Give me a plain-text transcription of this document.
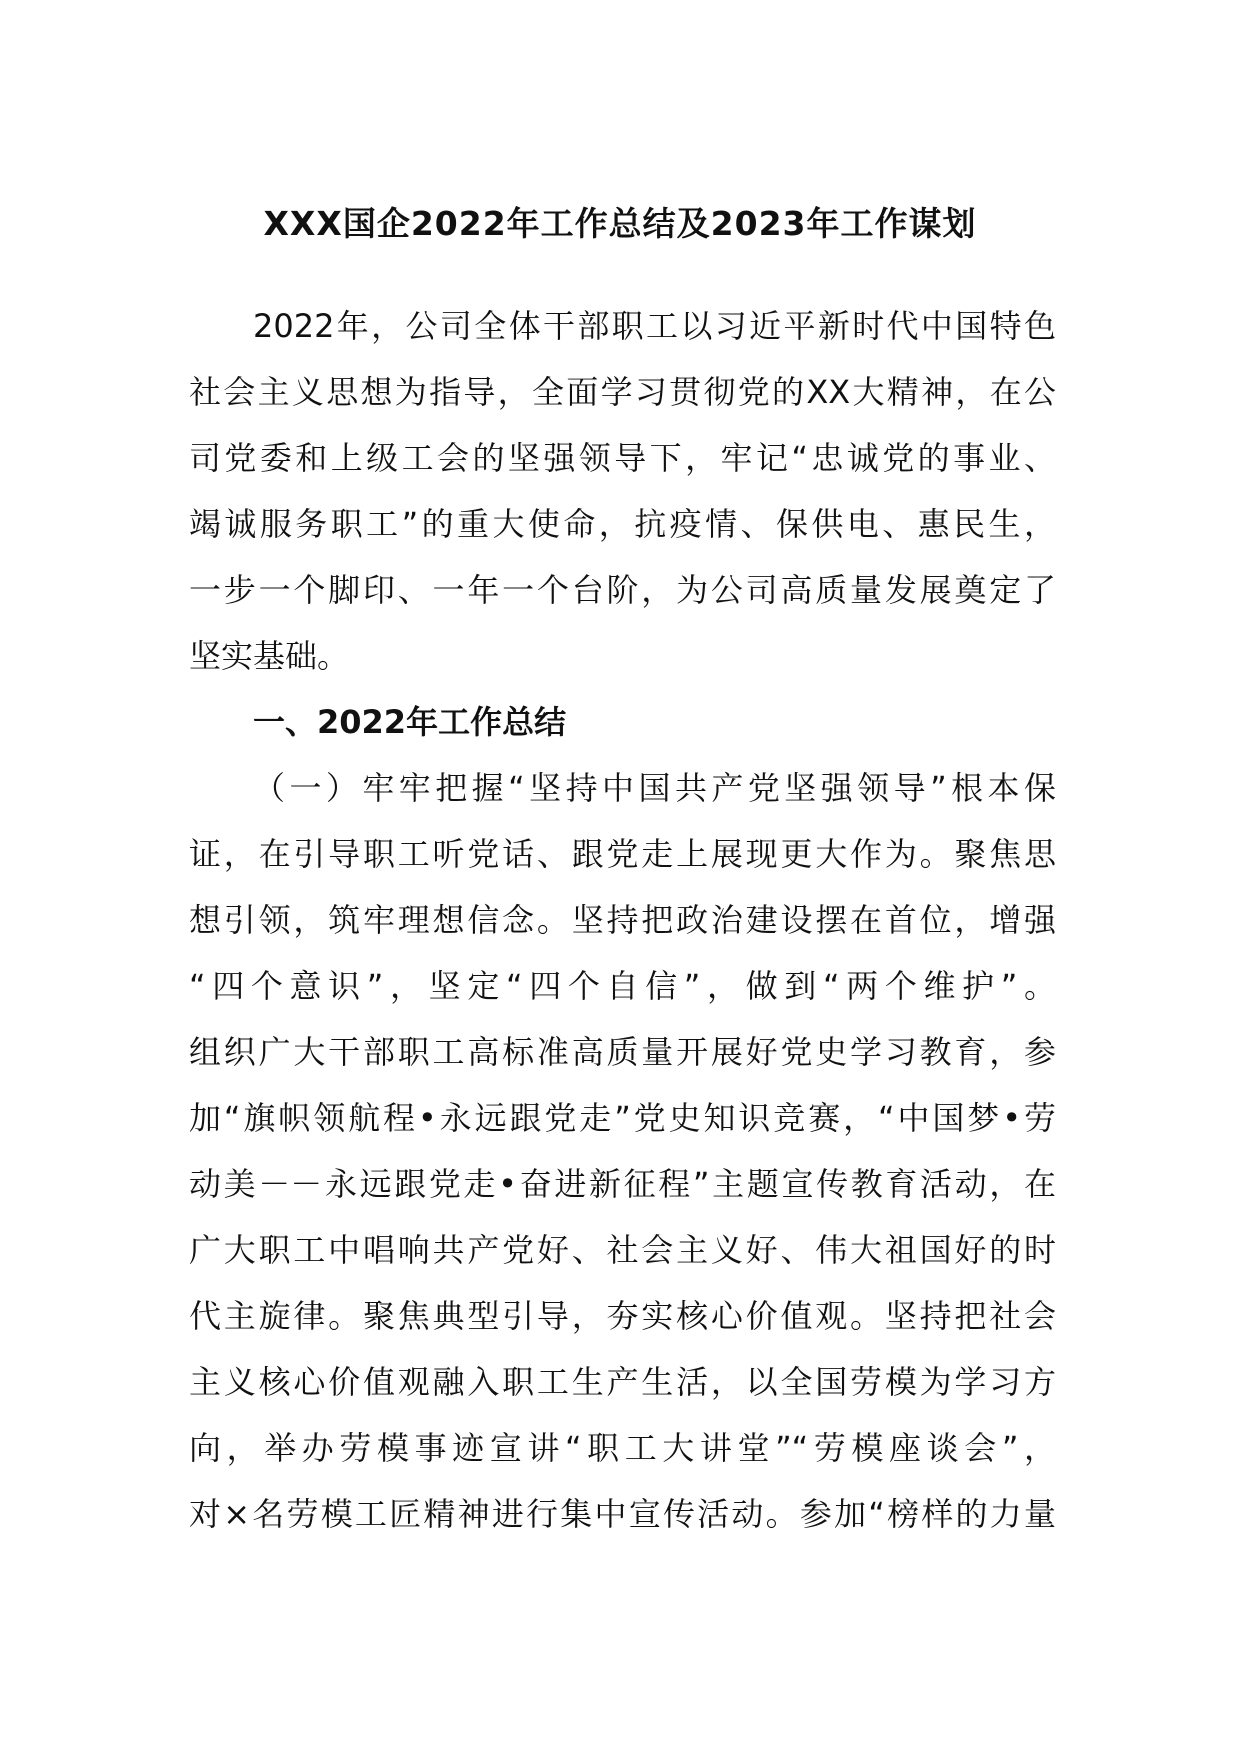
XXX国企2022年工作总结及2023年工作谋划
2022年，公司全体干部职工以习近平新时代中国特色
社会主义思想为指导，全面学习贯彻党的XX大精神，在公
司党委和上级工会的坚强领导下，牢记“忠诚党的事业、
竭诚服务职工”的重大使命，抗疫情、保供电、惠民生，
一步一个脚印、一年一个台阶，为公司高质量发展奠定了
坚实基础。
一、2022年工作总结
（一）牢牢把握“坚持中国共产党坚强领导”根本保
证，在引导职工听党话、跟党走上展现更大作为。聚焦思
想引领，筑牢理想信念。坚持把政治建设摆在首位，增强
“四个意识”，坚定“四个自信”，做到“两个维护”。
组织广大干部职工高标准高质量开展好党史学习教育，参
加“旗帜领航程•永远跟党走”党史知识竞赛，“中国梦•劳
动美－－永远跟党走•奋进新征程”主题宣传教育活动，在
广大职工中唱响共产党好、社会主义好、伟大祖国好的时
代主旋律。聚焦典型引导，夯实核心价值观。坚持把社会
主义核心价值观融入职工生产生活，以全国劳模为学习方
向，举办劳模事迹宣讲“职工大讲堂”“劳模座谈会”，
对×名劳模工匠精神进行集中宣传活动。参加“榜样的力量
